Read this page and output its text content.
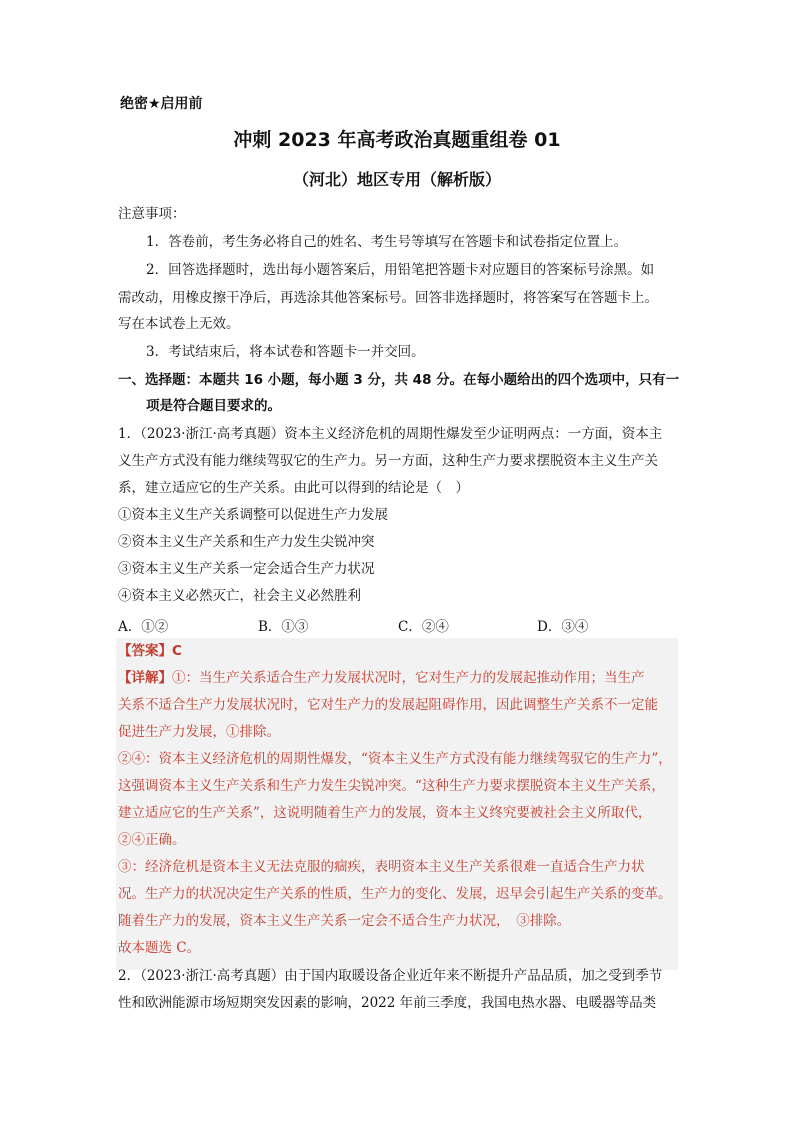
绝密★启用前
冲刺 2023 年高考政治真题重组卷 01
（河北）地区专用（解析版）
注意事项：
1．答卷前，考生务必将自己的姓名、考生号等填写在答题卡和试卷指定位置上。
2．回答选择题时，选出每小题答案后，用铅笔把答题卡对应题目的答案标号涂黑。如
需改动，用橡皮擦干净后，再选涂其他答案标号。回答非选择题时，将答案写在答题卡上。
写在本试卷上无效。
3．考试结束后，将本试卷和答题卡一并交回。
一、选择题：本题共 16 小题，每小题 3 分，共 48 分。在每小题给出的四个选项中，只有一
项是符合题目要求的。
1．（2023·浙江·高考真题）资本主义经济危机的周期性爆发至少证明两点：一方面，资本主
义生产方式没有能力继续驾驭它的生产力。另一方面，这种生产力要求摆脱资本主义生产关
系，建立适应它的生产关系。由此可以得到的结论是（　）
①资本主义生产关系调整可以促进生产力发展
②资本主义生产关系和生产力发生尖锐冲突
③资本主义生产关系一定会适合生产力状况
④资本主义必然灭亡，社会主义必然胜利
A．①②	B．①③	C．②④	D．③④
【答案】C
【详解】①：当生产关系适合生产力发展状况时，它对生产力的发展起推动作用；当生产
关系不适合生产力发展状况时，它对生产力的发展起阻碍作用，因此调整生产关系不一定能
促进生产力发展，①排除。
②④：资本主义经济危机的周期性爆发，“资本主义生产方式没有能力继续驾驭它的生产力”，
这强调资本主义生产关系和生产力发生尖锐冲突。“这种生产力要求摆脱资本主义生产关系，
建立适应它的生产关系”，这说明随着生产力的发展，资本主义终究要被社会主义所取代，
②④正确。
③：经济危机是资本主义无法克服的痼疾，表明资本主义生产关系很难一直适合生产力状
况。生产力的状况决定生产关系的性质，生产力的变化、发展，迟早会引起生产关系的变革。
随着生产力的发展，资本主义生产关系一定会不适合生产力状况，　③排除。
故本题选 C。
2．（2023·浙江·高考真题）由于国内取暖设备企业近年来不断提升产品品质，加之受到季节
性和欧洲能源市场短期突发因素的影响，2022 年前三季度，我国电热水器、电暖器等品类
